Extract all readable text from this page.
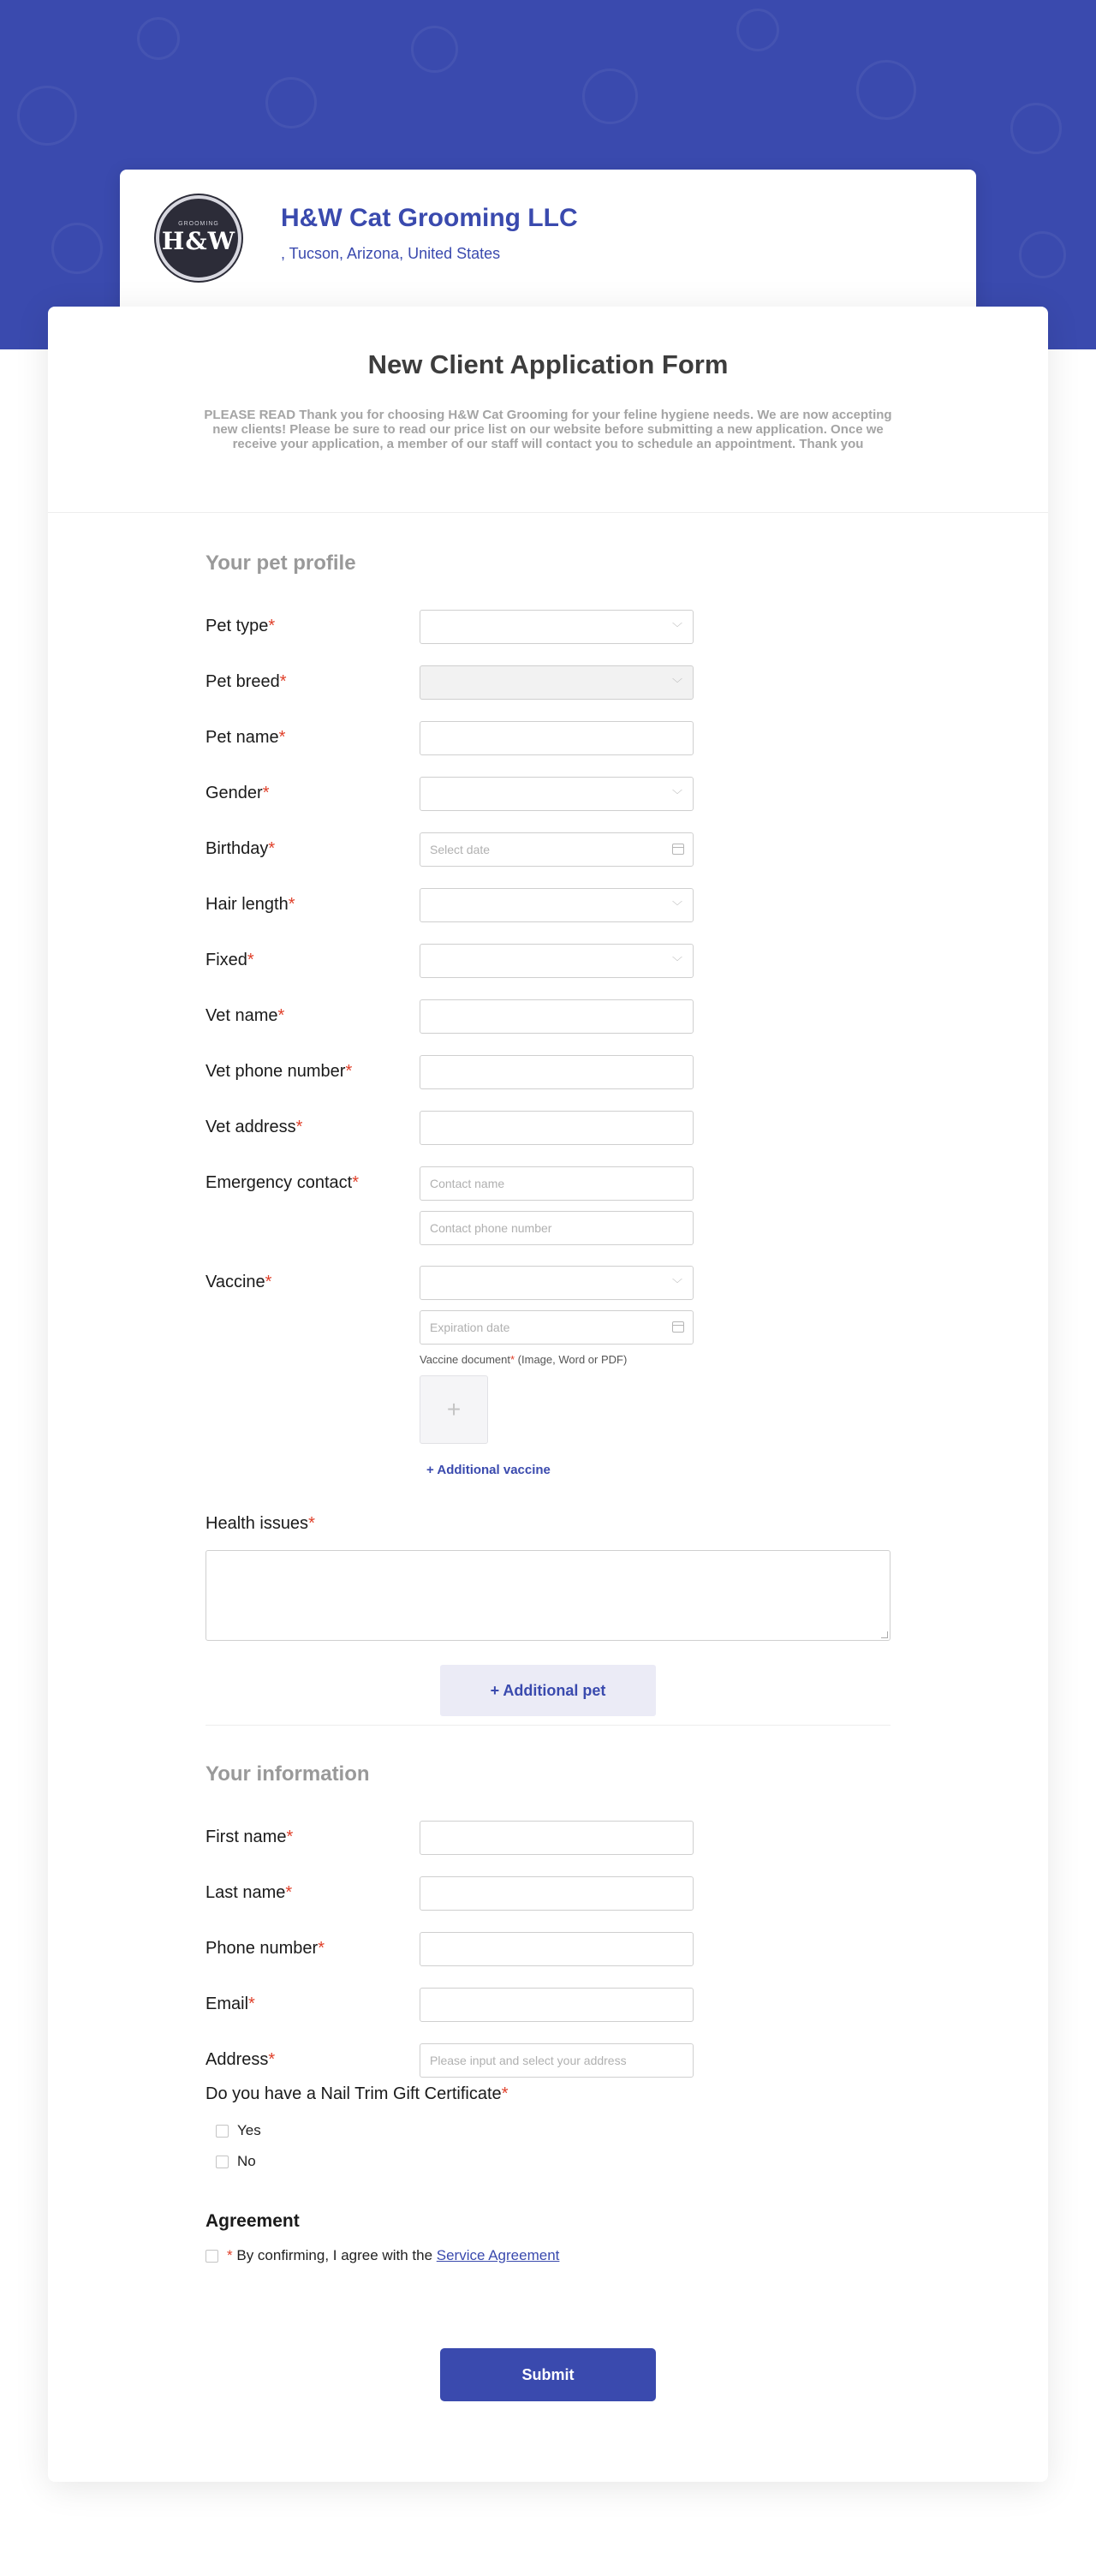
GROOMING
H&W
H&W Cat Grooming LLC
, Tucson, Arizona, United States
New Client Application Form
PLEASE READ Thank you for choosing H&W Cat Grooming for your feline hygiene needs. We are now accepting new clients! Please be sure to read our price list on our website before submitting a new application. Once we receive your application, a member of our staff will contact you to schedule an appointment. Thank you
Your pet profile
Pet type*	﹀
Pet breed*	﹀
Pet name*
Gender*	﹀
Birthday*	Select date
Hair length*	﹀
Fixed*	﹀
Vet name*
Vet phone number*
Vet address*
Emergency contact*	Contact name
Contact phone number
Vaccine*	﹀
Expiration date
Vaccine document* (Image, Word or PDF)
+
+ Additional vaccine
Health issues*
+ Additional pet
Your information
First name*
Last name*
Phone number*
Email*
Address*	Please input and select your address
Do you have a Nail Trim Gift Certificate*
Yes
No
Agreement
* By confirming, I agree with the Service Agreement
Submit
